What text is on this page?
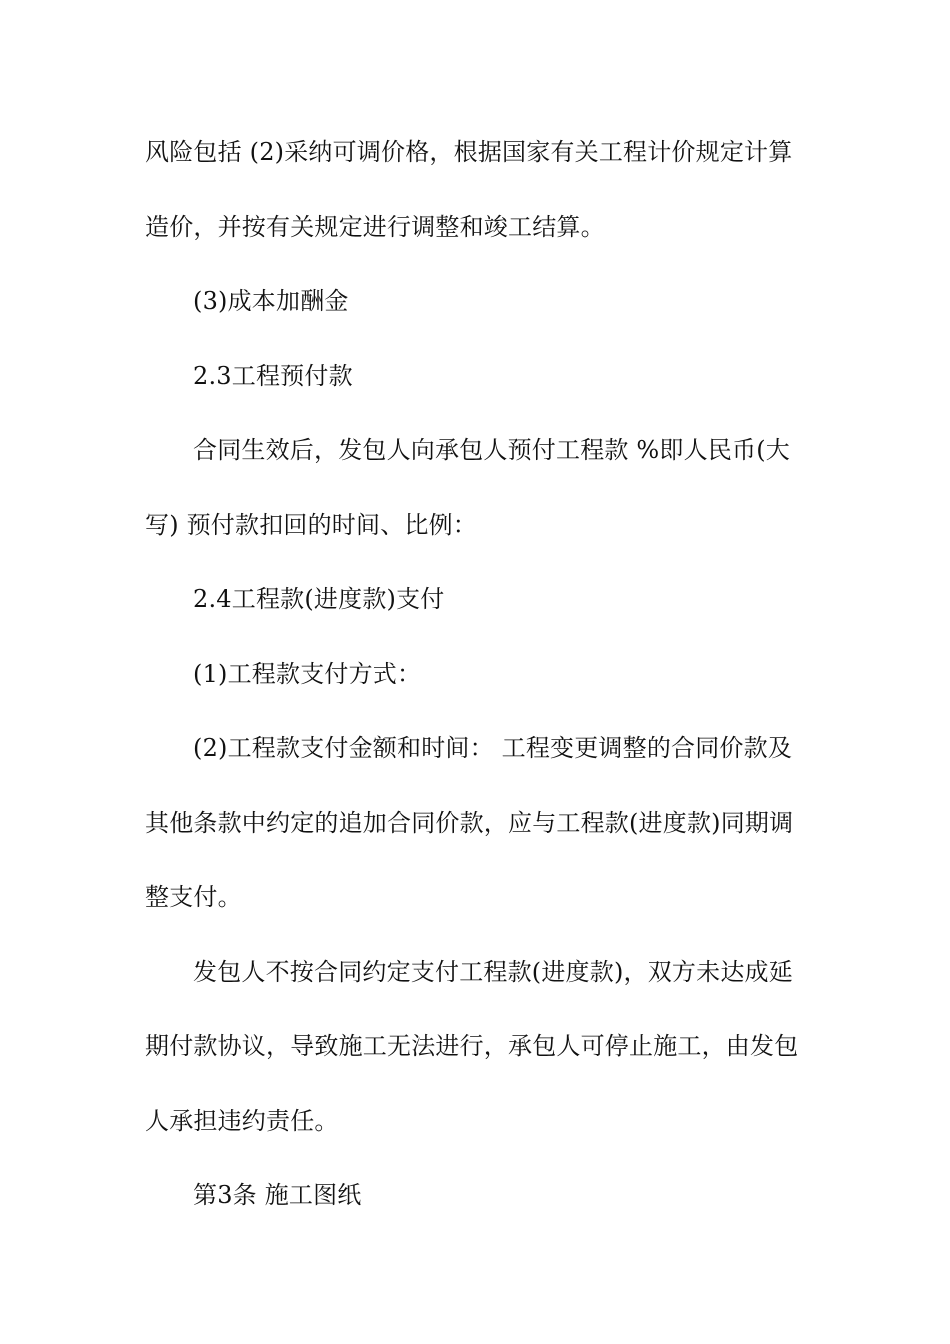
风险包括 (2)采纳可调价格，根据国家有关工程计价规定计算
造价，并按有关规定进行调整和竣工结算。
(3)成本加酬金
2.3工程预付款
合同生效后，发包人向承包人预付工程款 %即人民币(大
写) 预付款扣回的时间、比例：
2.4工程款(进度款)支付
(1)工程款支付方式：
(2)工程款支付金额和时间： 工程变更调整的合同价款及
其他条款中约定的追加合同价款，应与工程款(进度款)同期调
整支付。
发包人不按合同约定支付工程款(进度款)，双方未达成延
期付款协议，导致施工无法进行，承包人可停止施工，由发包
人承担违约责任。
第3条 施工图纸
